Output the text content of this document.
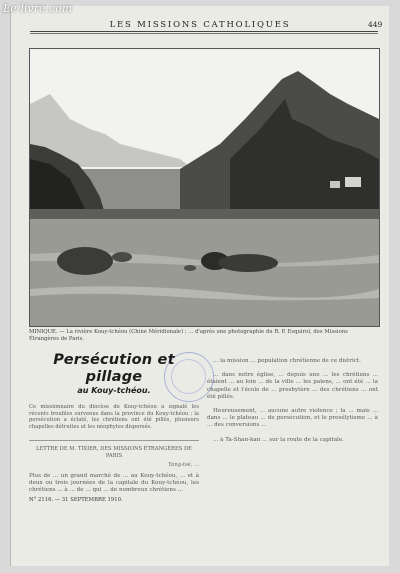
Le-livre.com
LES MISSIONS CATHOLIQUES	449
MINIQUE. — La rivière Kouy-tchéou (Chine Méridionale) ; ... d'après une photographie du R. P. Esquirol, des Missions Étrangères de Paris.
Persécution et pillage
au Kouy-tchéou.
Ce missionnaire du diocèse de Kouy-tchéou a signalé les récents troubles survenus dans la province du Kouy-tchéou ; la persécution a éclaté, les chrétiens ont été pillés, plusieurs chapelles détruites et les néophytes dispersés.
LETTRE DE M. TIXIER, DES MISSIONS ÉTRANGÈRES DE PARIS
Yang-tsé, ...
Plus de ... un grand marché de ... au Kouy-tchéou, ... et à deux ou trois journées de la capitale du Kouy-tchéou, les chrétiens ... à ... de ... qui ... de nombreux chrétiens ...
N° 2116. — 31 SEPTEMBRE 1910.

... la mission ... population chrétienne de ce district.

... dans notre église, ... depuis une ... les chrétiens ... étaient ... au loin ... de la ville ... les païens, ... ont été ... la chapelle et l'école de ... presbytère ... des chrétiens ... ont été pillés.

Heureusement, ... aucune autre violence ; la ... mais ... dans ... le plateau ... de persécution, et le prosélytisme ... à ... des conversions ...

... à Ta-Shan-kan ... sur la route de la capitale.
